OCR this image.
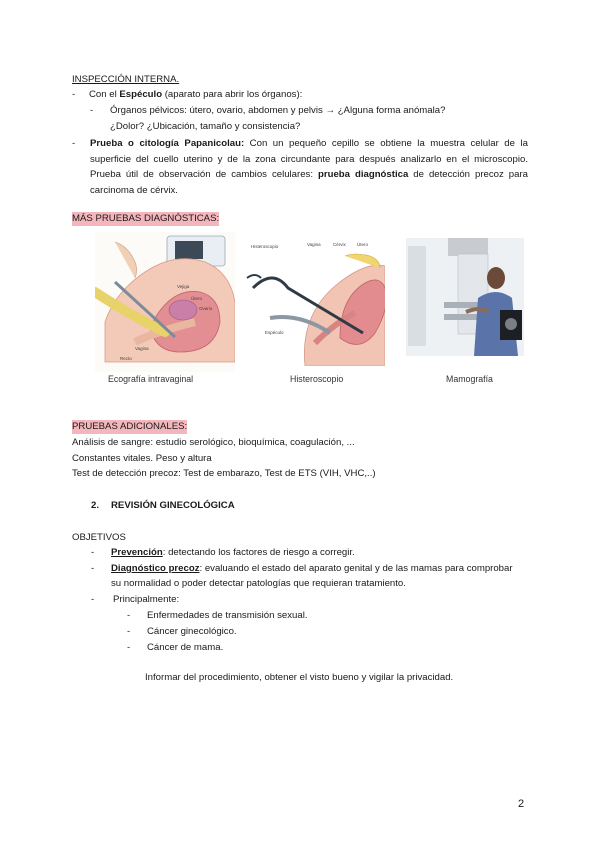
INSPECCIÓN INTERNA.
- Con el Espéculo (aparato para abrir los órganos):
- Órganos pélvicos: útero, ovario, abdomen y pelvis → ¿Alguna forma anómala?
¿Dolor? ¿Ubicación, tamaño y consistencia?
- Prueba o citología Papanicolau: Con un pequeño cepillo se obtiene la muestra celular de la superficie del cuello uterino y de la zona circundante para después analizarlo en el microscopio. Prueba útil de observación de cambios celulares: prueba diagnóstica de detección precoz para carcinoma de cérvix.
MÁS PRUEBAS DIAGNÓSTICAS:
Vejiga
Útero
Ovario
Vagina
Recto
Ecografía intravaginal
Histeroscopio	Vagina	Cérvix Útero
Espéculo
Histeroscopio	Mamografía
PRUEBAS ADICIONALES:
Análisis de sangre: estudio serológico, bioquímica, coagulación, ...
Constantes vitales. Peso y altura
Test de detección precoz: Test de embarazo, Test de ETS (VIH, VHC,..)
2. REVISIÓN GINECOLÓGICA
OBJETIVOS
- Prevención: detectando los factores de riesgo a corregir.
- Diagnóstico precoz: evaluando el estado del aparato genital y de las mamas para comprobar
su normalidad o poder detectar patologías que requieran tratamiento.
- Principalmente:
- Enfermedades de transmisión sexual.
- Cáncer ginecológico.
- Cáncer de mama.
Informar del procedimiento, obtener el visto bueno y vigilar la privacidad.
2
